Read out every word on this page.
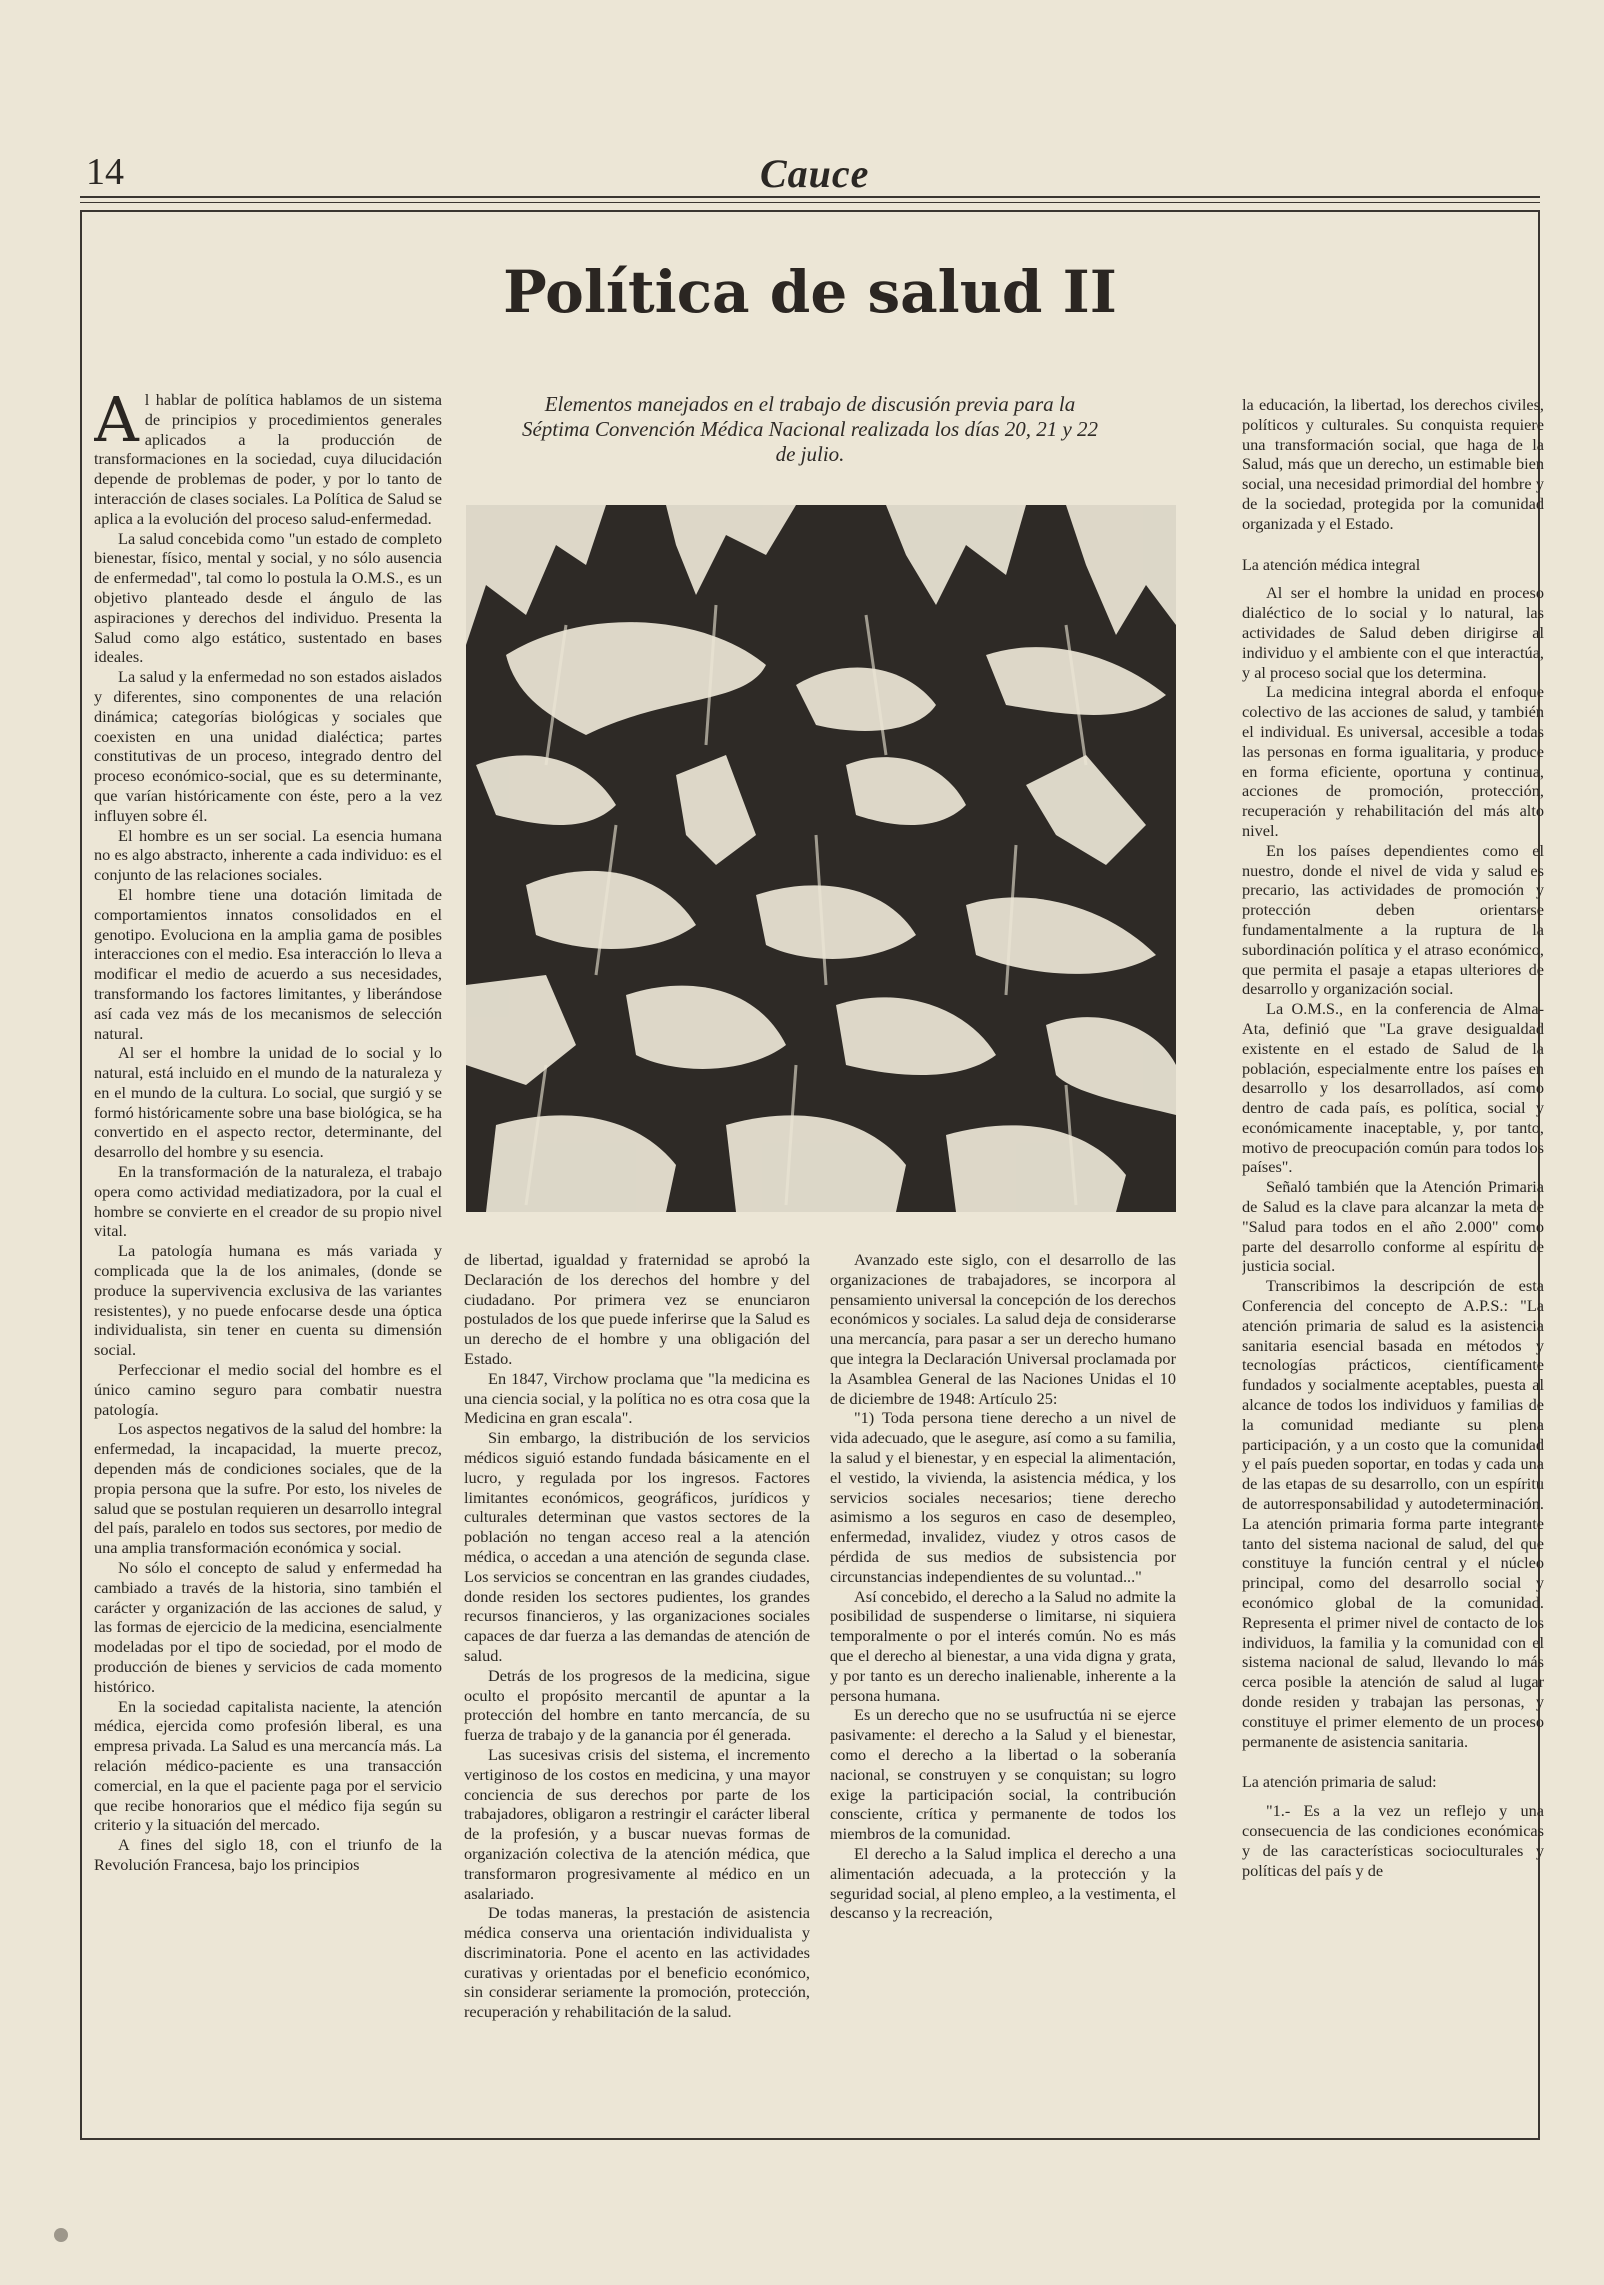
14	Cauce
Política de salud II
Elementos manejados en el trabajo de discusión previa para la Séptima Convención Médica Nacional realizada los días 20, 21 y 22 de julio.
A l hablar de política hablamos de un sistema de principios y procedimientos generales aplicados a la producción de transformaciones en la sociedad, cuya dilucidación depende de problemas de poder, y por lo tanto de interacción de clases sociales. La Política de Salud se aplica a la evolución del proceso salud-enfermedad.

La salud concebida como "un estado de completo bienestar, físico, mental y social, y no sólo ausencia de enfermedad", tal como lo postula la O.M.S., es un objetivo planteado desde el ángulo de las aspiraciones y derechos del individuo. Presenta la Salud como algo estático, sustentado en bases ideales.

La salud y la enfermedad no son estados aislados y diferentes, sino componentes de una relación dinámica; categorías biológicas y sociales que coexisten en una unidad dialéctica; partes constitutivas de un proceso, integrado dentro del proceso económico-social, que es su determinante, que varían históricamente con éste, pero a la vez influyen sobre él.

El hombre es un ser social. La esencia humana no es algo abstracto, inherente a cada individuo: es el conjunto de las relaciones sociales.

El hombre tiene una dotación limitada de comportamientos innatos consolidados en el genotipo. Evoluciona en la amplia gama de posibles interacciones con el medio. Esa interacción lo lleva a modificar el medio de acuerdo a sus necesidades, transformando los factores limitantes, y liberándose así cada vez más de los mecanismos de selección natural.

Al ser el hombre la unidad de lo social y lo natural, está incluido en el mundo de la naturaleza y en el mundo de la cultura. Lo social, que surgió y se formó históricamente sobre una base biológica, se ha convertido en el aspecto rector, determinante, del desarrollo del hombre y su esencia.

En la transformación de la naturaleza, el trabajo opera como actividad mediatizadora, por la cual el hombre se convierte en el creador de su propio nivel vital.

La patología humana es más variada y complicada que la de los animales, (donde se produce la supervivencia exclusiva de las variantes resistentes), y no puede enfocarse desde una óptica individualista, sin tener en cuenta su dimensión social.

Perfeccionar el medio social del hombre es el único camino seguro para combatir nuestra patología.

Los aspectos negativos de la salud del hombre: la enfermedad, la incapacidad, la muerte precoz, dependen más de condiciones sociales, que de la propia persona que la sufre. Por esto, los niveles de salud que se postulan requieren un desarrollo integral del país, paralelo en todos sus sectores, por medio de una amplia transformación económica y social.

No sólo el concepto de salud y enfermedad ha cambiado a través de la historia, sino también el carácter y organización de las acciones de salud, y las formas de ejercicio de la medicina, esencialmente modeladas por el tipo de sociedad, por el modo de producción de bienes y servicios de cada momento histórico.

En la sociedad capitalista naciente, la atención médica, ejercida como profesión liberal, es una empresa privada. La Salud es una mercancía más. La relación médico-paciente es una transacción comercial, en la que el paciente paga por el servicio que recibe honorarios que el médico fija según su criterio y la situación del mercado.

A fines del siglo 18, con el triunfo de la Revolución Francesa, bajo los principios

de libertad, igualdad y fraternidad se aprobó la Declaración de los derechos del hombre y del ciudadano. Por primera vez se enunciaron postulados de los que puede inferirse que la Salud es un derecho de el hombre y una obligación del Estado.

En 1847, Virchow proclama que "la medicina es una ciencia social, y la política no es otra cosa que la Medicina en gran escala".

Sin embargo, la distribución de los servicios médicos siguió estando fundada básicamente en el lucro, y regulada por los ingresos. Factores limitantes económicos, geográficos, jurídicos y culturales determinan que vastos sectores de la población no tengan acceso real a la atención médica, o accedan a una atención de segunda clase. Los servicios se concentran en las grandes ciudades, donde residen los sectores pudientes, los grandes recursos financieros, y las organizaciones sociales capaces de dar fuerza a las demandas de atención de salud.

Detrás de los progresos de la medicina, sigue oculto el propósito mercantil de apuntar a la protección del hombre en tanto mercancía, de su fuerza de trabajo y de la ganancia por él generada.

Las sucesivas crisis del sistema, el incremento vertiginoso de los costos en medicina, y una mayor conciencia de sus derechos por parte de los trabajadores, obligaron a restringir el carácter liberal de la profesión, y a buscar nuevas formas de organización colectiva de la atención médica, que transformaron progresivamente al médico en un asalariado.

De todas maneras, la prestación de asistencia médica conserva una orientación individualista y discriminatoria. Pone el acento en las actividades curativas y orientadas por el beneficio económico, sin considerar seriamente la promoción, protección, recuperación y rehabilitación de la salud.

Avanzado este siglo, con el desarrollo de las organizaciones de trabajadores, se incorpora al pensamiento universal la concepción de los derechos económicos y sociales. La salud deja de considerarse una mercancía, para pasar a ser un derecho humano que integra la Declaración Universal proclamada por la Asamblea General de las Naciones Unidas el 10 de diciembre de 1948: Artículo 25:

"1) Toda persona tiene derecho a un nivel de vida adecuado, que le asegure, así como a su familia, la salud y el bienestar, y en especial la alimentación, el vestido, la vivienda, la asistencia médica, y los servicios sociales necesarios; tiene derecho asimismo a los seguros en caso de desempleo, enfermedad, invalidez, viudez y otros casos de pérdida de sus medios de subsistencia por circunstancias independientes de su voluntad..."

Así concebido, el derecho a la Salud no admite la posibilidad de suspenderse o limitarse, ni siquiera temporalmente o por el interés común. No es más que el derecho al bienestar, a una vida digna y grata, y por tanto es un derecho inalienable, inherente a la persona humana.

Es un derecho que no se usufructúa ni se ejerce pasivamente: el derecho a la Salud y el bienestar, como el derecho a la libertad o la soberanía nacional, se construyen y se conquistan; su logro exige la participación social, la contribución consciente, crítica y permanente de todos los miembros de la comunidad.

El derecho a la Salud implica el derecho a una alimentación adecuada, a la protección y la seguridad social, al pleno empleo, a la vestimenta, el descanso y la recreación,

la educación, la libertad, los derechos civiles, políticos y culturales. Su conquista requiere una transformación social, que haga de la Salud, más que un derecho, un estimable bien social, una necesidad primordial del hombre y de la sociedad, protegida por la comunidad organizada y el Estado.

La atención médica integral

Al ser el hombre la unidad en proceso dialéctico de lo social y lo natural, las actividades de Salud deben dirigirse al individuo y el ambiente con el que interactúa, y al proceso social que los determina.

La medicina integral aborda el enfoque colectivo de las acciones de salud, y también el individual. Es universal, accesible a todas las personas en forma igualitaria, y produce en forma eficiente, oportuna y continua, acciones de promoción, protección, recuperación y rehabilitación del más alto nivel.

En los países dependientes como el nuestro, donde el nivel de vida y salud es precario, las actividades de promoción y protección deben orientarse fundamentalmente a la ruptura de la subordinación política y el atraso económico, que permita el pasaje a etapas ulteriores de desarrollo y organización social.

La O.M.S., en la conferencia de Alma-Ata, definió que "La grave desigualdad existente en el estado de Salud de la población, especialmente entre los países en desarrollo y los desarrollados, así como dentro de cada país, es política, social y económicamente inaceptable, y, por tanto, motivo de preocupación común para todos los países".

Señaló también que la Atención Primaria de Salud es la clave para alcanzar la meta de "Salud para todos en el año 2.000" como parte del desarrollo conforme al espíritu de justicia social.

Transcribimos la descripción de esta Conferencia del concepto de A.P.S.: "La atención primaria de salud es la asistencia sanitaria esencial basada en métodos y tecnologías prácticos, científicamente fundados y socialmente aceptables, puesta al alcance de todos los individuos y familias de la comunidad mediante su plena participación, y a un costo que la comunidad y el país pueden soportar, en todas y cada una de las etapas de su desarrollo, con un espíritu de autorresponsabilidad y autodeterminación. La atención primaria forma parte integrante tanto del sistema nacional de salud, del que constituye la función central y el núcleo principal, como del desarrollo social y económico global de la comunidad. Representa el primer nivel de contacto de los individuos, la familia y la comunidad con el sistema nacional de salud, llevando lo más cerca posible la atención de salud al lugar donde residen y trabajan las personas, y constituye el primer elemento de un proceso permanente de asistencia sanitaria.

La atención primaria de salud:

"1.- Es a la vez un reflejo y una consecuencia de las condiciones económicas y de las características socioculturales y políticas del país y de
